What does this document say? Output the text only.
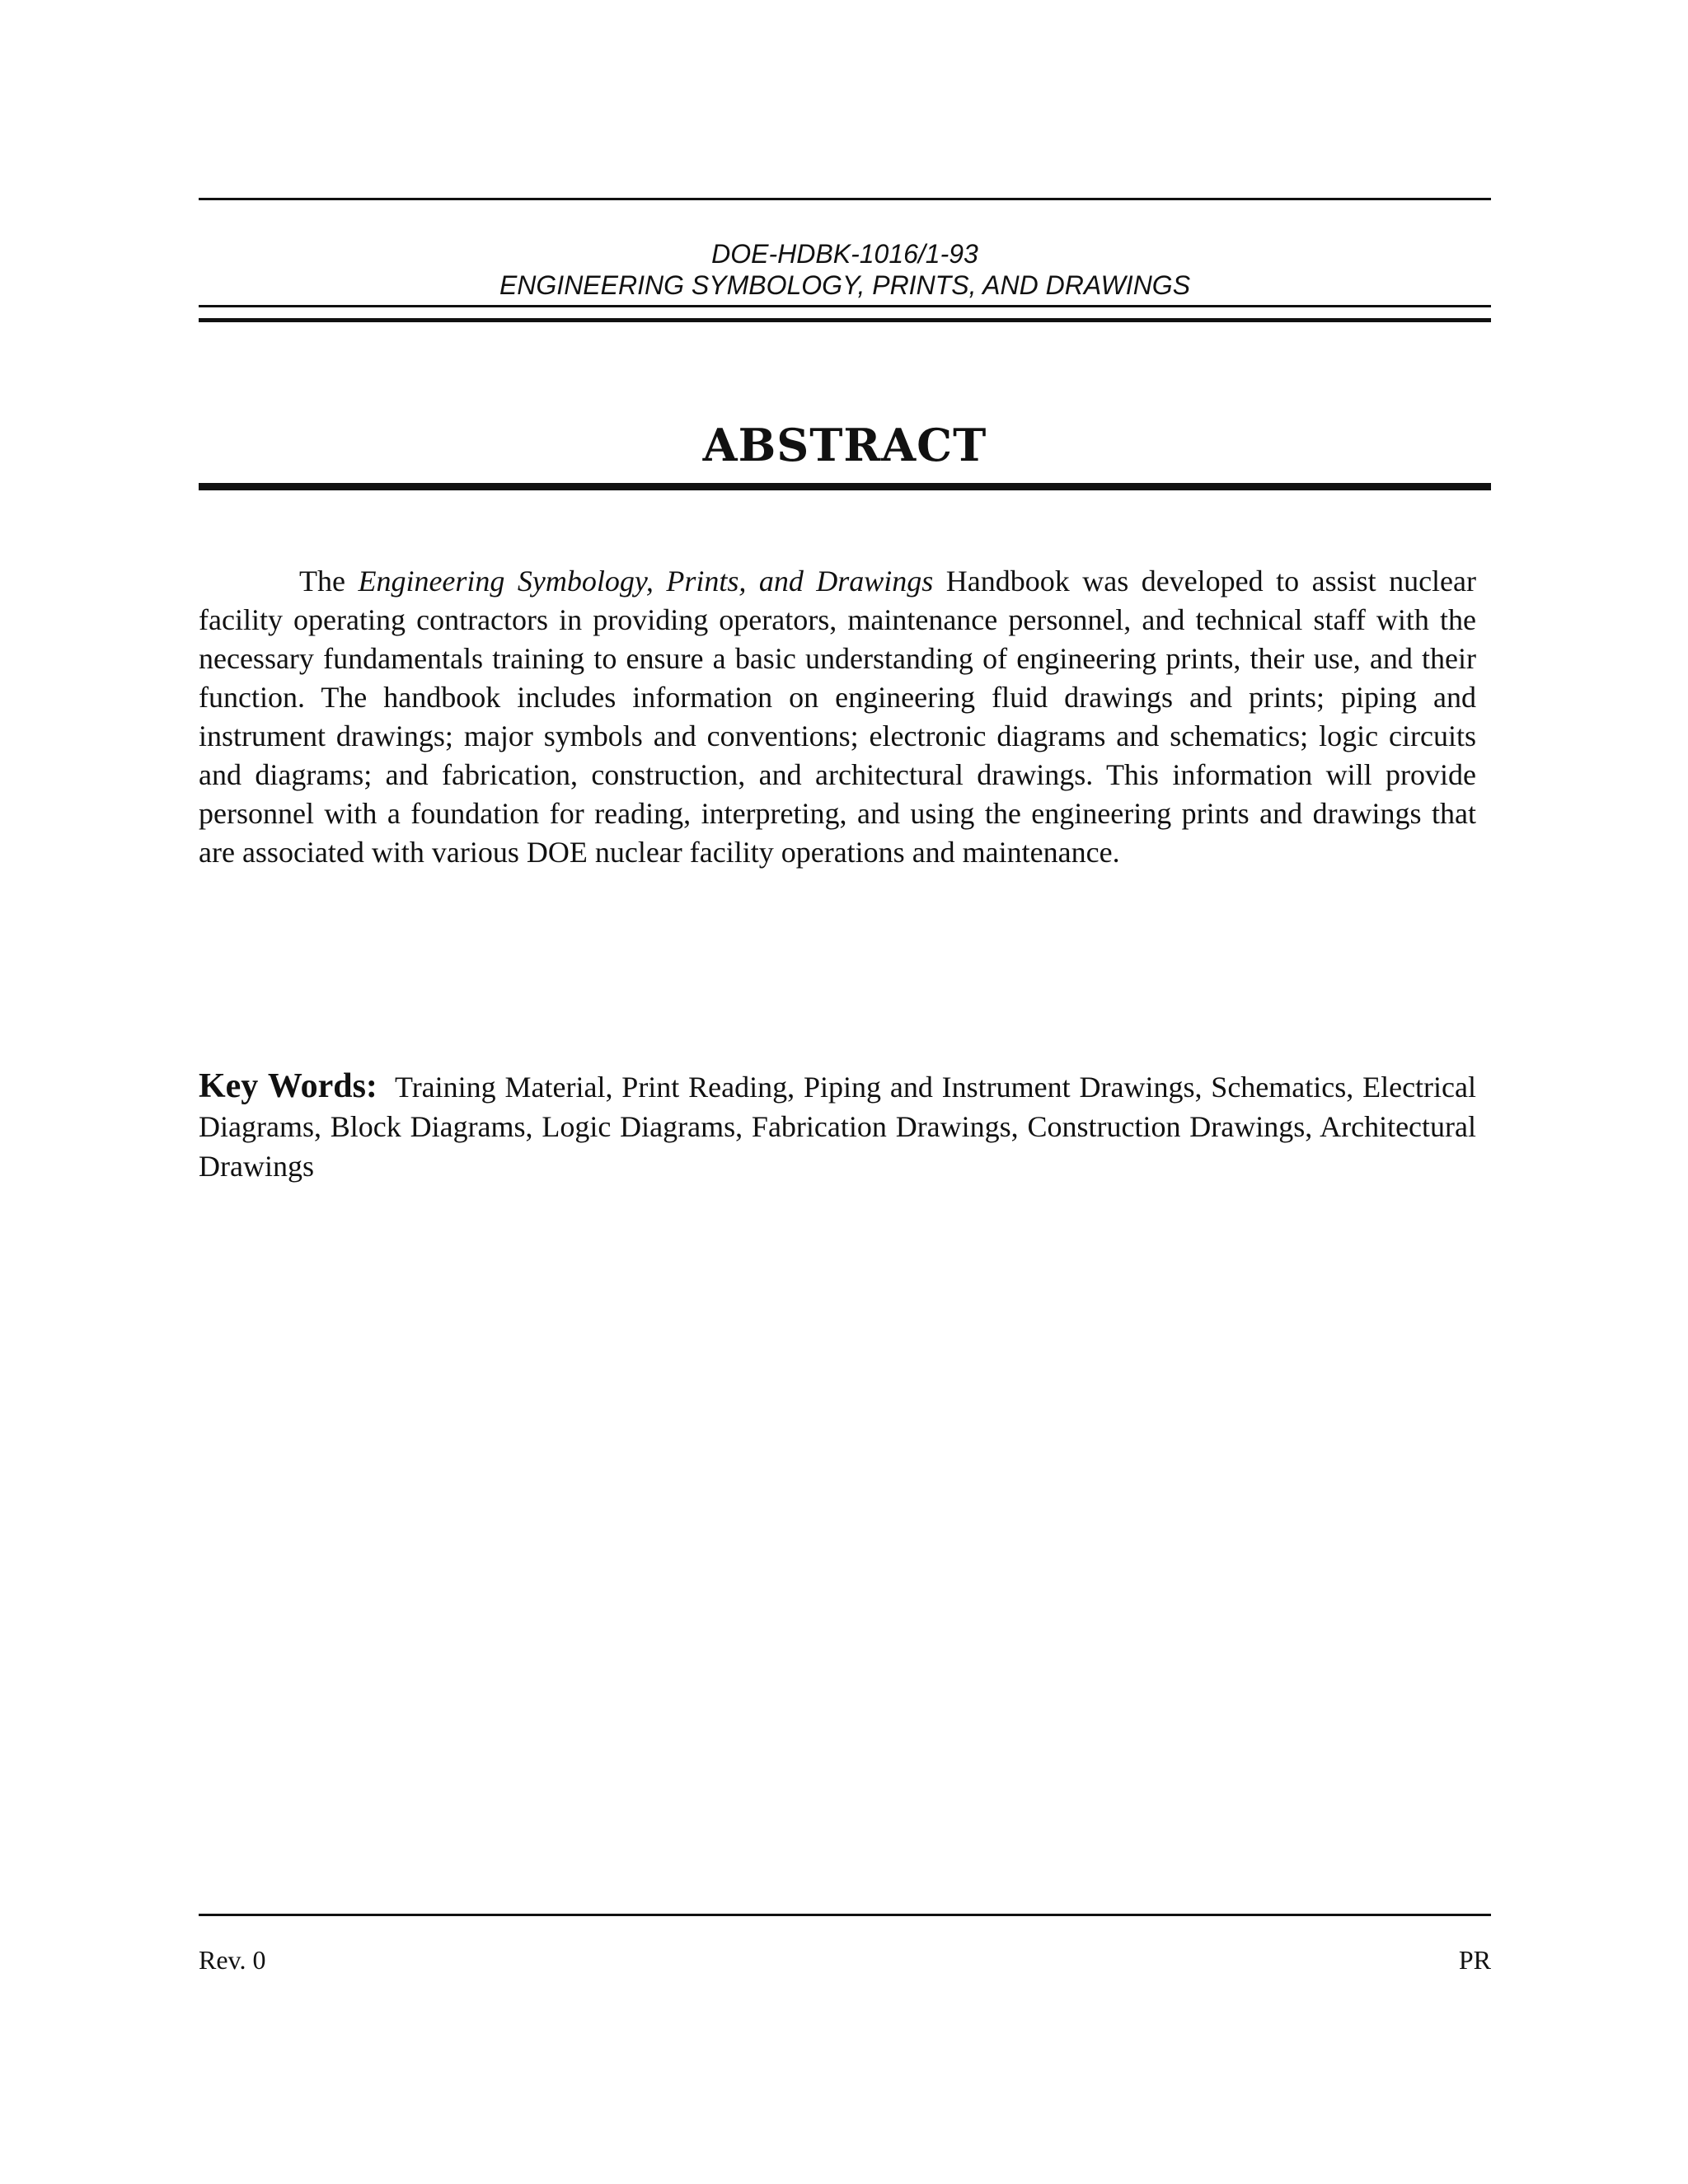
DOE-HDBK-1016/1-93
ENGINEERING SYMBOLOGY, PRINTS, AND DRAWINGS
ABSTRACT

The Engineering Symbology, Prints, and Drawings Handbook was developed to assist nuclear facility operating contractors in providing operators, maintenance personnel, and technical staff with the necessary fundamentals training to ensure a basic understanding of engineering prints, their use, and their function. The handbook includes information on engineering fluid drawings and prints; piping and instrument drawings; major symbols and conventions; electronic diagrams and schematics; logic circuits and diagrams; and fabrication, construction, and architectural drawings. This information will provide personnel with a foundation for reading, interpreting, and using the engineering prints and drawings that are associated with various DOE nuclear facility operations and maintenance.

Key Words: Training Material, Print Reading, Piping and Instrument Drawings, Schematics, Electrical Diagrams, Block Diagrams, Logic Diagrams, Fabrication Drawings, Construction Drawings, Architectural Drawings

Rev. 0	PR
